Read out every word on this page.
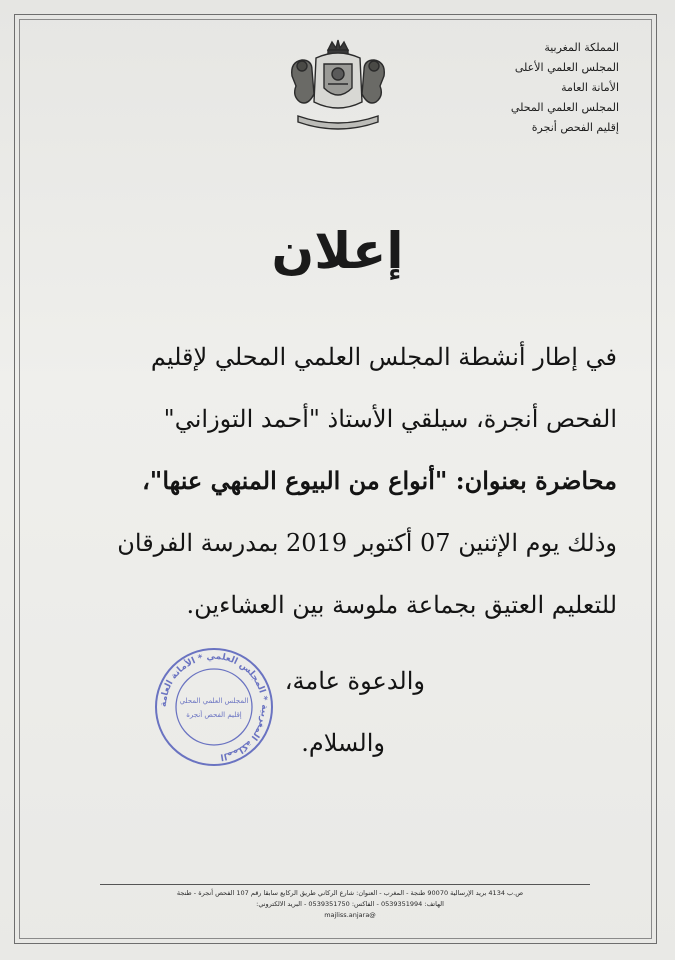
المملكة المغربية
المجلس العلمي الأعلى
الأمانة العامة
المجلس العلمي المحلي
إقليم الفحص أنجرة
إعلان
في إطار أنشطة المجلس العلمي المحلي لإقليم
الفحص أنجرة، سيلقي الأستاذ "أحمد التوزاني"
محاضرة بعنوان: "أنواع من البيوع المنهي عنها"،
وذلك يوم الإثنين 07 أكتوبر 2019 بمدرسة الفرقان
للتعليم العتيق بجماعة ملوسة بين العشاءين.
والدعوة عامة،
والسلام.
المملكة المغربية * المجلس العلمي * الأمانة العامة
المجلس العلمي المحلي
إقليم الفحص أنجرة
ص.ب 4134 بريد الإرسالية 90070 طنجة - المغرب - العنوان: شارع الركاني طريق الركايع سابقا رقم 107 الفحص أنجرة - طنجة
الهاتف: 0539351994 - الفاكس: 0539351750 - البريد الالكتروني:
majliss.anjara@
